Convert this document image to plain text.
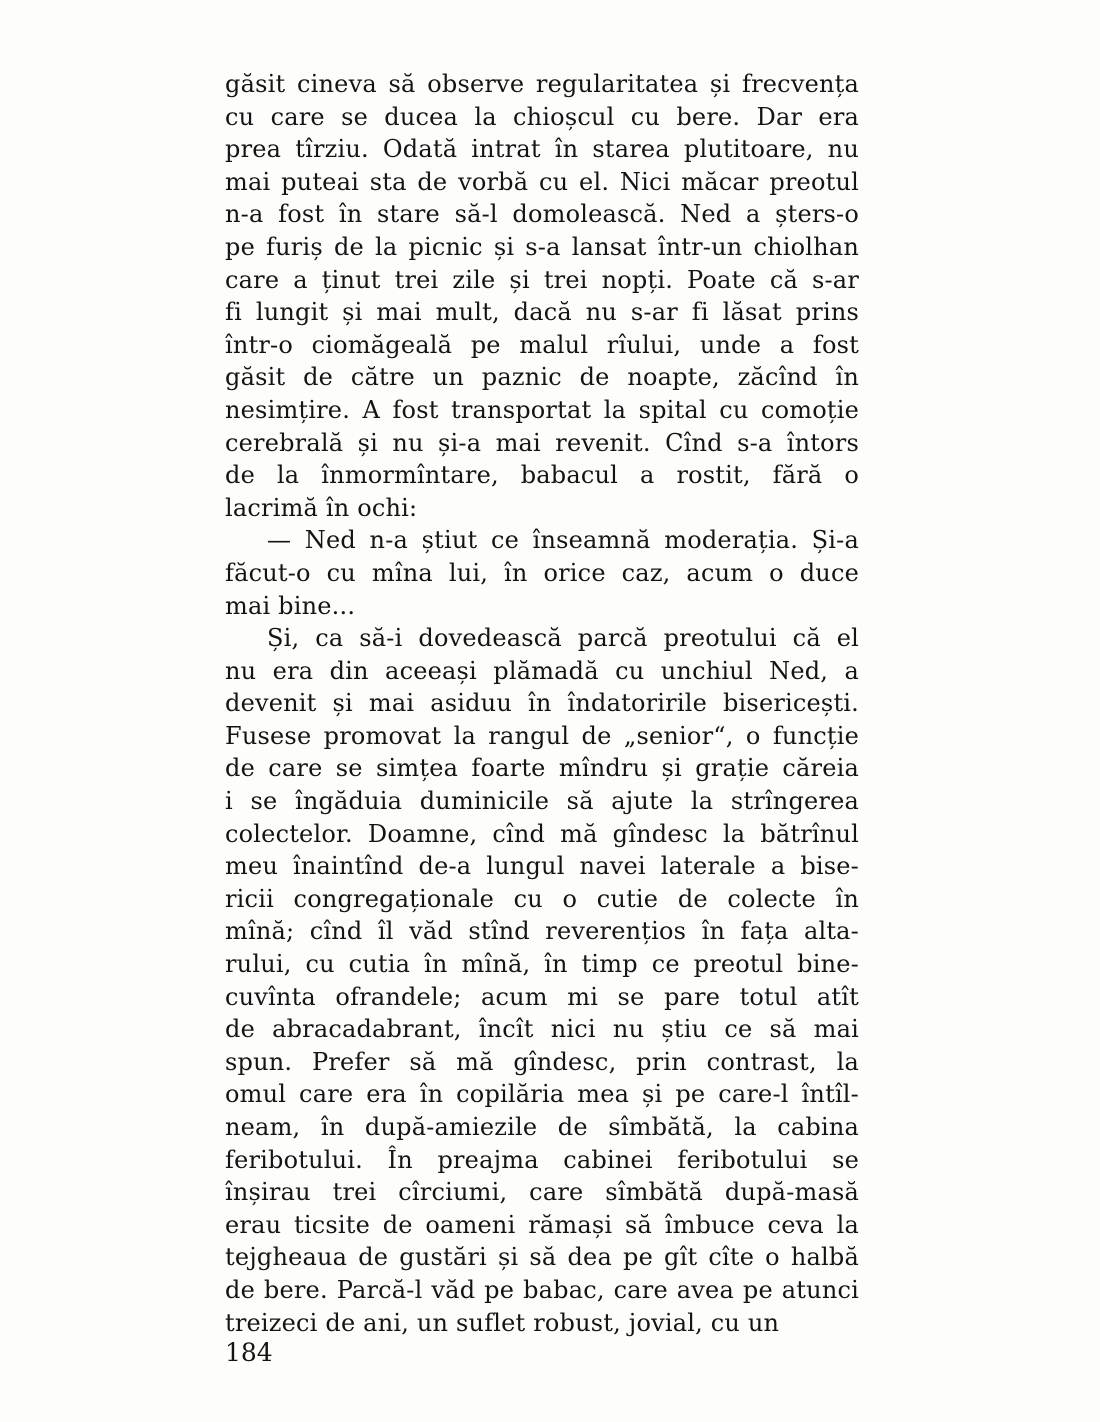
găsit cineva să observe regularitatea și frecvența
cu care se ducea la chioșcul cu bere. Dar era
prea tîrziu. Odată intrat în starea plutitoare, nu
mai puteai sta de vorbă cu el. Nici măcar preotul
n-a fost în stare să-l domolească. Ned a șters-o
pe furiș de la picnic și s-a lansat într-un chiolhan
care a ținut trei zile și trei nopți. Poate că s-ar
fi lungit și mai mult, dacă nu s-ar fi lăsat prins
într-o ciomăgeală pe malul rîului, unde a fost
găsit de către un paznic de noapte, zăcînd în
nesimțire. A fost transportat la spital cu comoție
cerebrală și nu și-a mai revenit. Cînd s-a întors
de la înmormîntare, babacul a rostit, fără o
lacrimă în ochi:
— Ned n-a știut ce înseamnă moderația. Și-a
făcut-o cu mîna lui, în orice caz, acum o duce
mai bine...
Și, ca să-i dovedească parcă preotului că el
nu era din aceeași plămadă cu unchiul Ned, a
devenit și mai asiduu în îndatoririle bisericești.
Fusese promovat la rangul de „senior“, o funcție
de care se simțea foarte mîndru și grație căreia
i se îngăduia duminicile să ajute la strîngerea
colectelor. Doamne, cînd mă gîndesc la bătrînul
meu înaintînd de-a lungul navei laterale a bise-
ricii congregaționale cu o cutie de colecte în
mînă; cînd îl văd stînd reverențios în fața alta-
rului, cu cutia în mînă, în timp ce preotul bine-
cuvînta ofrandele; acum mi se pare totul atît
de abracadabrant, încît nici nu știu ce să mai
spun. Prefer să mă gîndesc, prin contrast, la
omul care era în copilăria mea și pe care-l întîl-
neam, în după-amiezile de sîmbătă, la cabina
feribotului. În preajma cabinei feribotului se
înșirau trei cîrciumi, care sîmbătă după-masă
erau ticsite de oameni rămași să îmbuce ceva la
tejgheaua de gustări și să dea pe gît cîte o halbă
de bere. Parcă-l văd pe babac, care avea pe atunci
treizeci de ani, un suflet robust, jovial, cu un
184
